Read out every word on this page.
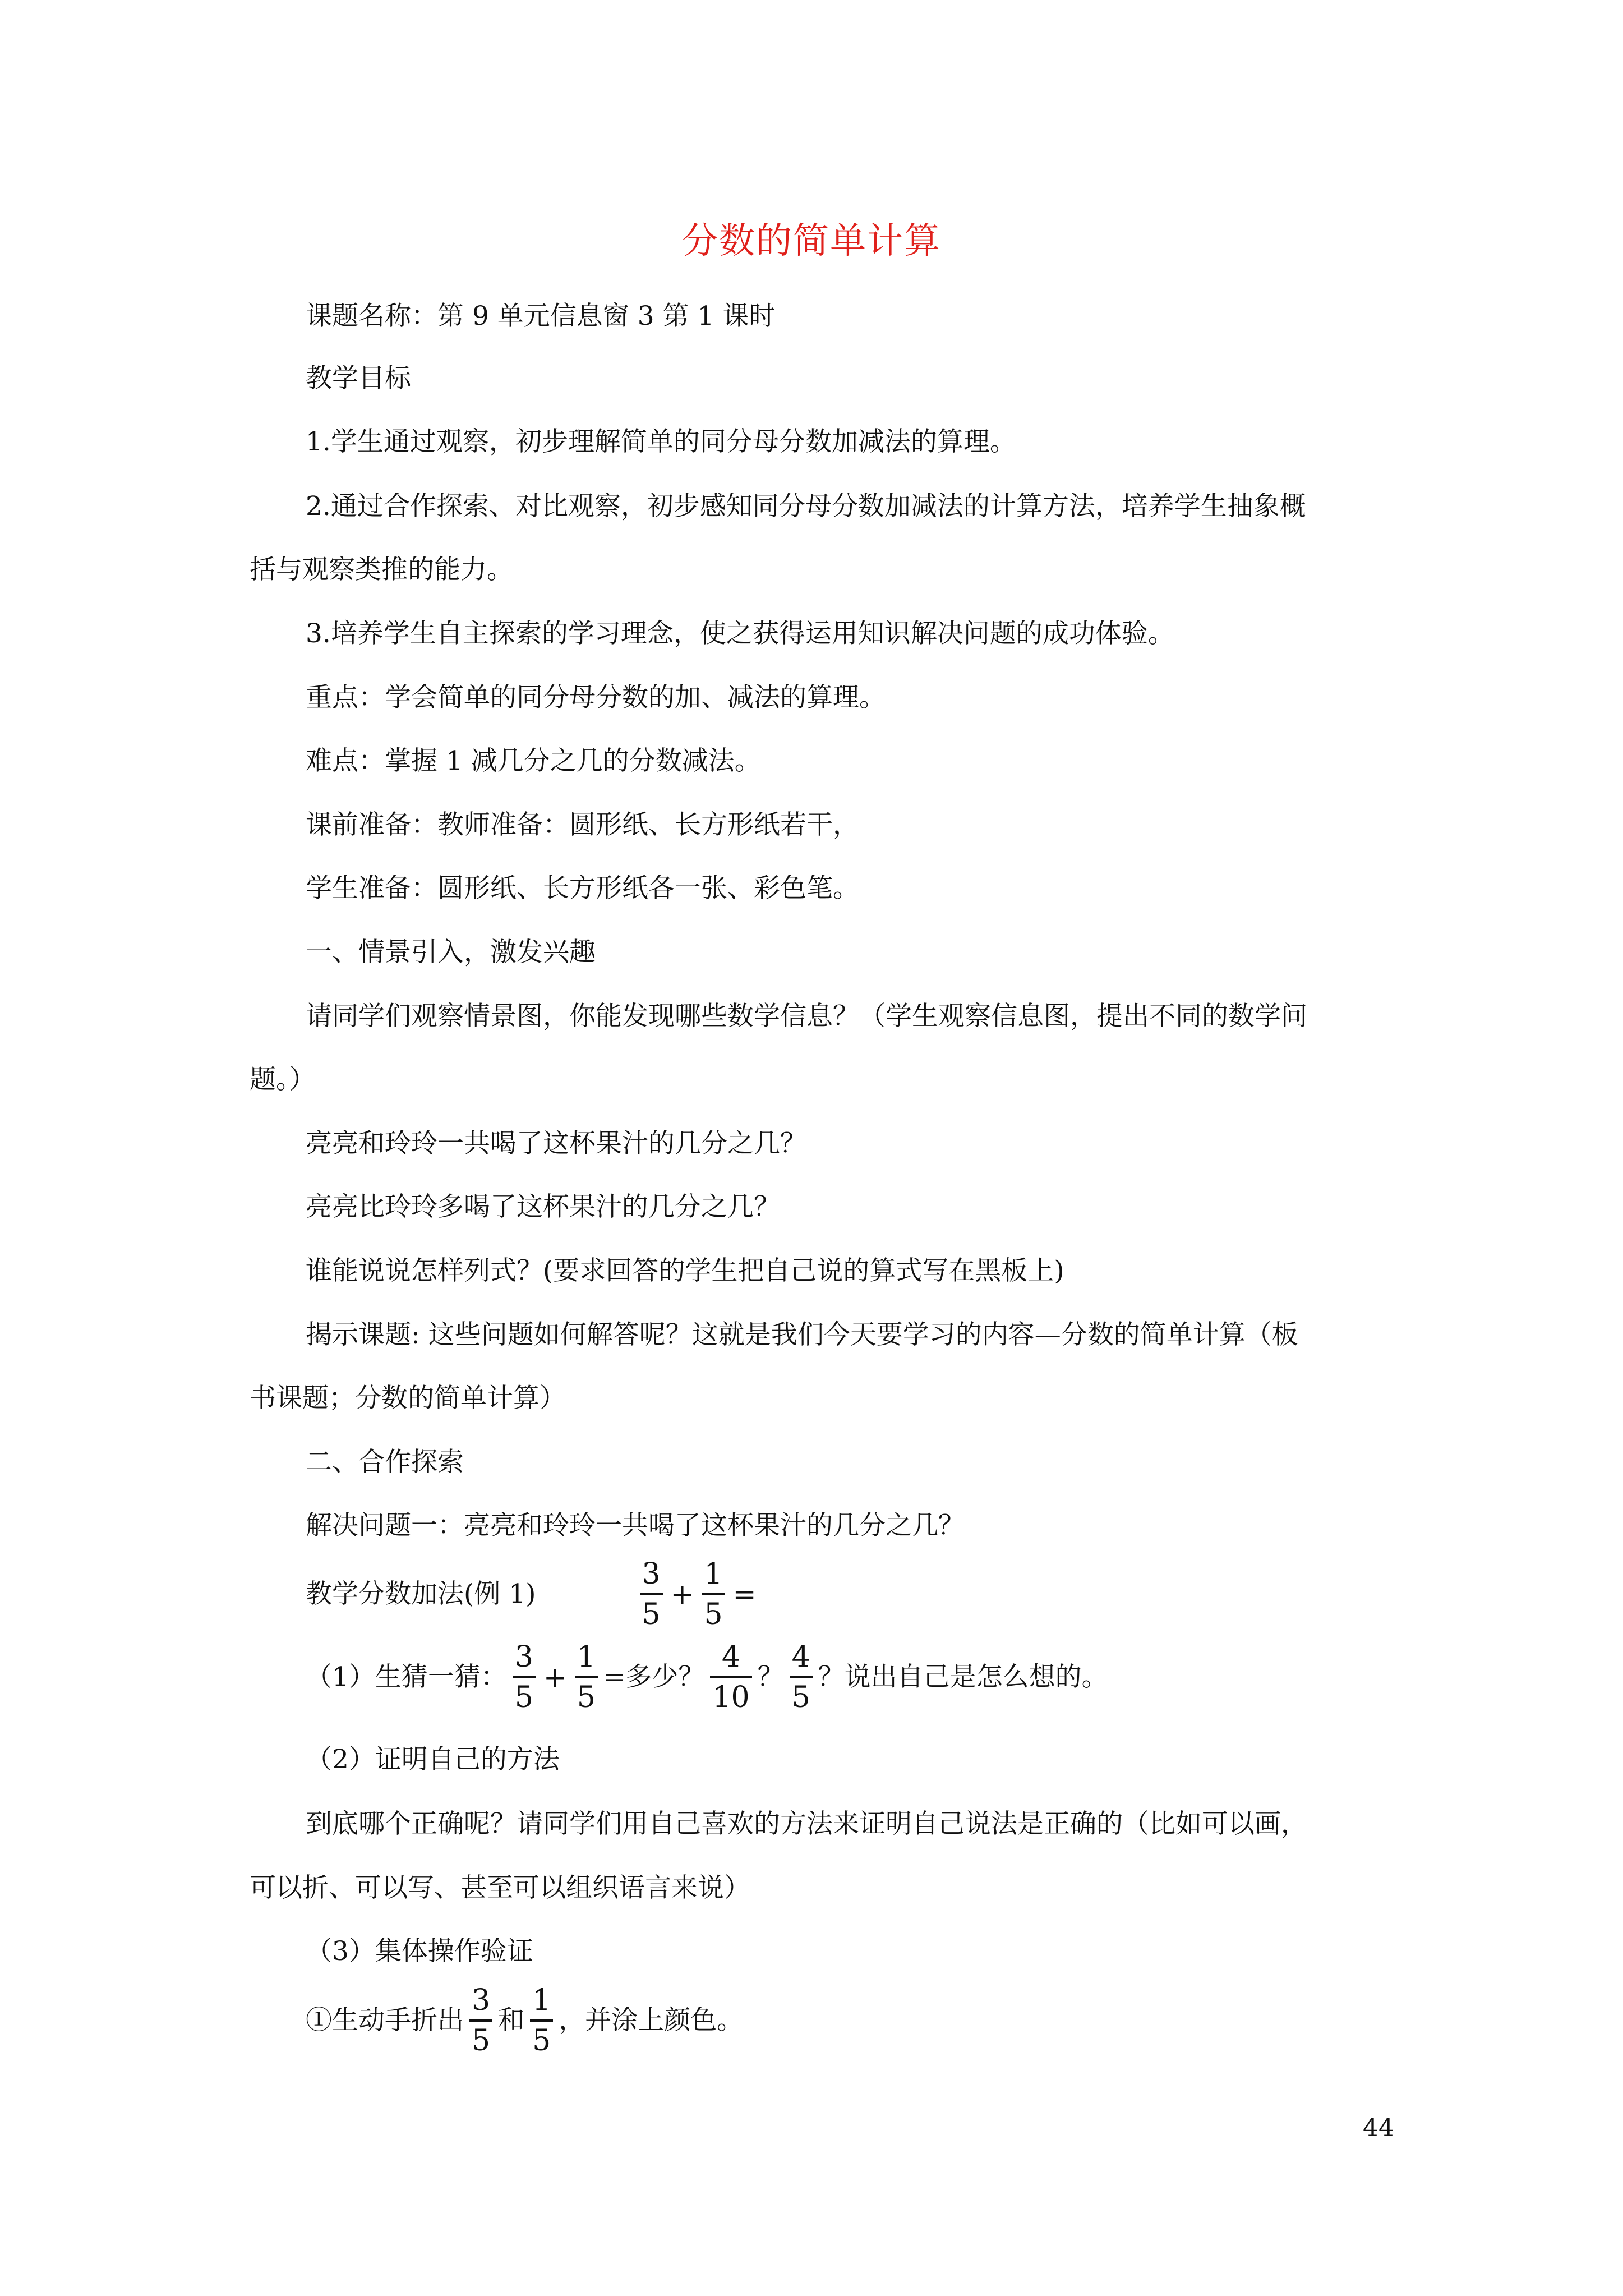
分数的简单计算
课题名称：第 9 单元信息窗 3 第 1 课时
教学目标
1.学生通过观察，初步理解简单的同分母分数加减法的算理。
2.通过合作探索、对比观察，初步感知同分母分数加减法的计算方法，培养学生抽象概
括与观察类推的能力。
3.培养学生自主探索的学习理念，使之获得运用知识解决问题的成功体验。
重点：学会简单的同分母分数的加、减法的算理。
难点：掌握 1 减几分之几的分数减法。
课前准备：教师准备：圆形纸、长方形纸若干，
学生准备：圆形纸、长方形纸各一张、彩色笔。
一、情景引入，激发兴趣
请同学们观察情景图，你能发现哪些数学信息？（学生观察信息图，提出不同的数学问
题。）
亮亮和玲玲一共喝了这杯果汁的几分之几？
亮亮比玲玲多喝了这杯果汁的几分之几？
谁能说说怎样列式？(要求回答的学生把自己说的算式写在黑板上)
揭示课题: 这些问题如何解答呢？这就是我们今天要学习的内容—分数的简单计算（板
书课题；分数的简单计算）
二、合作探索
解决问题一：亮亮和玲玲一共喝了这杯果汁的几分之几？
教学分数加法(例 1)	$\frac{3}{5} + \frac{1}{5}$ =
（1）生猜一猜： $\frac{3}{5} + \frac{1}{5}$ =多少？ $\frac{4}{10}$ ？ $\frac{4}{5}$ ？说出自己是怎么想的。
（2）证明自己的方法
到底哪个正确呢？请同学们用自己喜欢的方法来证明自己说法是正确的（比如可以画，
可以折、可以写、甚至可以组织语言来说）
（3）集体操作验证
①生动手折出 $\frac{3}{5}$ 和 $\frac{1}{5}$ ，并涂上颜色。
44
